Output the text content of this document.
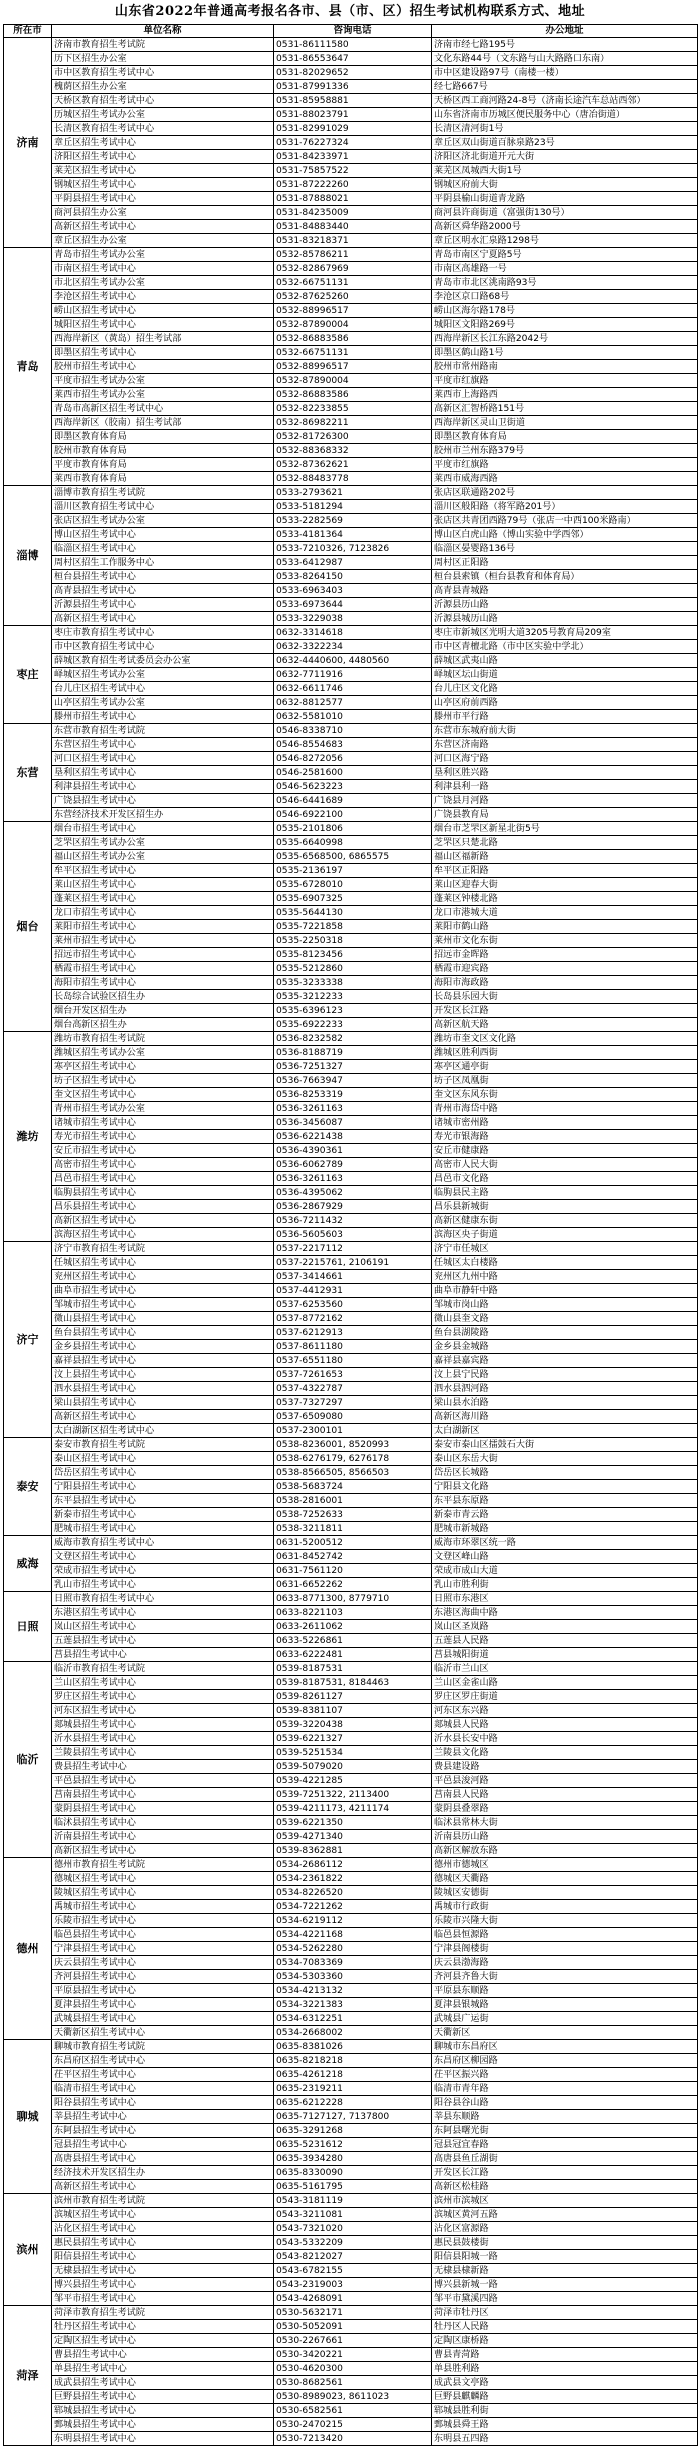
山东省2022年普通高考报名各市、县（市、区）招生考试机构联系方式、地址
所在市	单位名称	咨询电话	办公地址
济南	济南市教育招生考试院	0531-86111580	济南市经七路195号
	历下区招生办公室	0531-86553647	文化东路44号（文东路与山大路路口东南）
	市中区教育招生考试中心	0531-82029652	市中区建设路97号（南楼一楼）
	槐荫区招生办公室	0531-87991336	经七路667号
	天桥区教育招生考试中心	0531-85958881	天桥区西工商河路24-8号（济南长途汽车总站西邻）
	历城区招生考试办公室	0531-88023791	山东省济南市历城区便民服务中心（唐冶街道）
	长清区教育招生考试中心	0531-82991029	长清区清河街1号
	章丘区招生考试中心	0531-76227324	章丘区双山街道百脉泉路23号
	济阳区招生考试中心	0531-84233971	济阳区济北街道开元大街
	莱芜区招生考试中心	0531-75857522	莱芜区凤城西大街1号
	钢城区招生考试中心	0531-87222260	钢城区府前大街
	平阴县招生考试中心	0531-87888021	平阴县榆山街道青龙路
	商河县招生办公室	0531-84235009	商河县许商街道（富强街130号）
	高新区招生考试中心	0531-84883440	高新区舜华路2000号
	章丘区招生办公室	0531-83218371	章丘区明水汇泉路1298号
青岛	青岛市招生考试办公室	0532-85786211	青岛市南区宁夏路5号
	市南区招生考试中心	0532-82867969	市南区高雄路一号
	市北区招生考试办公室	0532-66751131	青岛市市北区洮南路93号
	李沧区招生考试中心	0532-87625260	李沧区京口路68号
	崂山区招生考试中心	0532-88996517	崂山区海尔路178号
	城阳区招生考试中心	0532-87890004	城阳区文阳路269号
	西海岸新区（黄岛）招生考试部	0532-86883586	西海岸新区长江东路2042号
	即墨区招生考试中心	0532-66751131	即墨区鹤山路1号
	胶州市招生考试中心	0532-88996517	胶州市常州路南
	平度市招生考试办公室	0532-87890004	平度市红旗路
	莱西市招生考试办公室	0532-86883586	莱西市上海路西
	青岛市高新区招生考试中心	0532-82233855	高新区汇智桥路151号
	西海岸新区（胶南）招生考试部	0532-86982211	西海岸新区灵山卫街道
	即墨区教育体育局	0532-81726300	即墨区教育体育局
	胶州市教育体育局	0532-88368332	胶州市兰州东路379号
	平度市教育体育局	0532-87362621	平度市红旗路
	莱西市教育体育局	0532-88483778	莱西市威海西路
淄博	淄博市教育招生考试院	0533-2793621	张店区联通路202号
	淄川区教育招生考试中心	0533-5181294	淄川区般阳路（将军路201号）
	张店区招生考试办公室	0533-2282569	张店区共青团西路79号（张店一中西100米路南）
	博山区招生考试中心	0533-4181364	博山区白虎山路（博山实验中学西邻）
	临淄区招生考试中心	0533-7210326, 7123826	临淄区晏婴路136号
	周村区招生工作服务中心	0533-6412987	周村区正阳路
	桓台县招生考试中心	0533-8264150	桓台县索镇（桓台县教育和体育局）
	高青县招生考试中心	0533-6963403	高青县青城路
	沂源县招生考试中心	0533-6973644	沂源县历山路
	高新区招生考试中心	0533-3229038	沂源县城历山路
枣庄	枣庄市教育招生考试中心	0632-3314618	枣庄市新城区光明大道3205号教育局209室
	市中区教育招生考试中心	0632-3322234	市中区青檀北路（市中区实验中学北）
	薛城区教育招生考试委员会办公室	0632-4440600, 4480560	薛城区武夷山路
	峄城区招生考试办公室	0632-7711916	峄城区坛山街道
	台儿庄区招生考试中心	0632-6611746	台儿庄区文化路
	山亭区招生考试办公室	0632-8812577	山亭区府前西路
	滕州市招生考试中心	0632-5581010	滕州市平行路
东营	东营市教育招生考试院	0546-8338710	东营市东城府前大街
	东营区招生考试中心	0546-8554683	东营区济南路
	河口区招生考试中心	0546-8272056	河口区海宁路
	垦利区招生考试中心	0546-2581600	垦利区胜兴路
	利津县招生考试中心	0546-5623223	利津县利一路
	广饶县招生考试中心	0546-6441689	广饶县月河路
	东营经济技术开发区招生办	0546-6922100	广饶县教育局
烟台	烟台市招生考试中心	0535-2101806	烟台市芝罘区新星北街5号
	芝罘区招生考试办公室	0535-6640998	芝罘区只楚北路
	福山区招生考试办公室	0535-6568500, 6865575	福山区福新路
	牟平区招生考试中心	0535-2136197	牟平区正阳路
	莱山区招生考试中心	0535-6728010	莱山区迎春大街
	蓬莱区招生考试中心	0535-6907325	蓬莱区钟楼北路
	龙口市招生考试中心	0535-5644130	龙口市港城大道
	莱阳市招生考试中心	0535-7221858	莱阳市鹤山路
	莱州市招生考试中心	0535-2250318	莱州市文化东街
	招远市招生考试中心	0535-8123456	招远市金晖路
	栖霞市招生考试中心	0535-5212860	栖霞市迎宾路
	海阳市招生考试中心	0535-3233338	海阳市海政路
	长岛综合试验区招生办	0535-3212233	长岛县乐园大街
	烟台开发区招生办	0535-6396123	开发区长江路
	烟台高新区招生办	0535-6922233	高新区航天路
潍坊	潍坊市教育招生考试院	0536-8232582	潍坊市奎文区文化路
	潍城区招生考试办公室	0536-8188719	潍城区胜利西街
	寒亭区招生考试中心	0536-7251327	寒亭区通亭街
	坊子区招生考试中心	0536-7663947	坊子区凤凰街
	奎文区招生考试中心	0536-8253319	奎文区东风东街
	青州市招生考试办公室	0536-3261163	青州市海岱中路
	诸城市招生考试中心	0536-3456087	诸城市密州路
	寿光市招生考试中心	0536-6221438	寿光市银海路
	安丘市招生考试中心	0536-4390361	安丘市健康路
	高密市招生考试中心	0536-6062789	高密市人民大街
	昌邑市招生考试中心	0536-3261163	昌邑市文化路
	临朐县招生考试中心	0536-4395062	临朐县民主路
	昌乐县招生考试中心	0536-2867929	昌乐县新城街
	高新区招生考试中心	0536-7211432	高新区健康东街
	滨海区招生考试中心	0536-5605603	滨海区央子街道
济宁	济宁市教育招生考试院	0537-2217112	济宁市任城区
	任城区招生考试中心	0537-2215761, 2106191	任城区太白楼路
	兖州区招生考试中心	0537-3414661	兖州区九州中路
	曲阜市招生考试中心	0537-4412931	曲阜市静轩中路
	邹城市招生考试中心	0537-6253560	邹城市岗山路
	微山县招生考试中心	0537-8772162	微山县奎文路
	鱼台县招生考试中心	0537-6212913	鱼台县湖陵路
	金乡县招生考试中心	0537-8611180	金乡县金城路
	嘉祥县招生考试中心	0537-6551180	嘉祥县嘉宾路
	汶上县招生考试中心	0537-7261653	汶上县宁民路
	泗水县招生考试中心	0537-4322787	泗水县泗河路
	梁山县招生考试中心	0537-7327297	梁山县水泊路
	高新区招生考试中心	0537-6509080	高新区海川路
	太白湖新区招生考试中心	0537-2300101	太白湖新区
泰安	泰安市教育招生考试院	0538-8236001, 8520993	泰安市泰山区擂鼓石大街
	泰山区招生考试中心	0538-6276179, 6276178	泰山区东岳大街
	岱岳区招生考试中心	0538-8566505, 8566503	岱岳区长城路
	宁阳县招生考试中心	0538-5683724	宁阳县文化路
	东平县招生考试中心	0538-2816001	东平县东原路
	新泰市招生考试中心	0538-7252633	新泰市青云路
	肥城市招生考试中心	0538-3211811	肥城市新城路
威海	威海市教育招生考试中心	0631-5200512	威海市环翠区统一路
	文登区招生考试中心	0631-8452742	文登区峰山路
	荣成市招生考试中心	0631-7561120	荣成市成山大道
	乳山市招生考试中心	0631-6652262	乳山市胜利街
日照	日照市教育招生考试中心	0633-8771300, 8779710	日照市东港区
	东港区招生考试中心	0633-8221103	东港区海曲中路
	岚山区招生考试中心	0633-2611062	岚山区圣岚路
	五莲县招生考试中心	0633-5226861	五莲县人民路
	莒县招生考试中心	0633-6222481	莒县城阳街道
临沂	临沂市教育招生考试院	0539-8187531	临沂市兰山区
	兰山区招生考试中心	0539-8187531, 8184463	兰山区金雀山路
	罗庄区招生考试中心	0539-8261127	罗庄区罗庄街道
	河东区招生考试中心	0539-8381107	河东区东兴路
	郯城县招生考试中心	0539-3220438	郯城县人民路
	沂水县招生考试中心	0539-6221327	沂水县长安中路
	兰陵县招生考试中心	0539-5251534	兰陵县文化路
	费县招生考试中心	0539-5079020	费县建设路
	平邑县招生考试中心	0539-4221285	平邑县浚河路
	莒南县招生考试中心	0539-7251322, 2113400	莒南县人民路
	蒙阴县招生考试中心	0539-4211173, 4211174	蒙阴县叠翠路
	临沭县招生考试中心	0539-6221350	临沭县常林大街
	沂南县招生考试中心	0539-4271340	沂南县历山路
	高新区招生考试中心	0539-8362881	高新区解放东路
德州	德州市教育招生考试院	0534-2686112	德州市德城区
	德城区招生考试中心	0534-2361822	德城区天衢路
	陵城区招生考试中心	0534-8226520	陵城区安德街
	禹城市招生考试中心	0534-7221262	禹城市行政街
	乐陵市招生考试中心	0534-6219112	乐陵市兴隆大街
	临邑县招生考试中心	0534-4221168	临邑县恒源路
	宁津县招生考试中心	0534-5262280	宁津县阁楼街
	庆云县招生考试中心	0534-7083369	庆云县渤海路
	齐河县招生考试中心	0534-5303360	齐河县齐鲁大街
	平原县招生考试中心	0534-4213132	平原县东顺路
	夏津县招生考试中心	0534-3221383	夏津县银城路
	武城县招生考试中心	0534-6312251	武城县广运街
	天衢新区招生考试中心	0534-2668002	天衢新区
聊城	聊城市教育招生考试院	0635-8381026	聊城市东昌府区
	东昌府区招生考试中心	0635-8218218	东昌府区柳园路
	茌平区招生考试中心	0635-4261218	茌平区振兴路
	临清市招生考试中心	0635-2319211	临清市青年路
	阳谷县招生考试中心	0635-6212228	阳谷县谷山路
	莘县招生考试中心	0635-7127127, 7137800	莘县东顺路
	东阿县招生考试中心	0635-3291268	东阿县曙光街
	冠县招生考试中心	0635-5231612	冠县冠宜春路
	高唐县招生考试中心	0635-3934280	高唐县鱼丘湖街
	经济技术开发区招生办	0635-8330090	开发区长江路
	高新区招生考试中心	0635-5161795	高新区松桂路
滨州	滨州市教育招生考试院	0543-3181119	滨州市滨城区
	滨城区招生考试中心	0543-3211081	滨城区黄河五路
	沾化区招生考试中心	0543-7321020	沾化区富源路
	惠民县招生考试中心	0543-5332209	惠民县鼓楼街
	阳信县招生考试中心	0543-8212027	阳信县阳城一路
	无棣县招生考试中心	0543-6782155	无棣县棣新路
	博兴县招生考试中心	0543-2319003	博兴县新城一路
	邹平市招生考试中心	0543-4268091	邹平市黛溪四路
菏泽	菏泽市教育招生考试院	0530-5632171	菏泽市牡丹区
	牡丹区招生考试中心	0530-5052091	牡丹区人民路
	定陶区招生考试中心	0530-2267661	定陶区康桥路
	曹县招生考试中心	0530-3420221	曹县青菏路
	单县招生考试中心	0530-4620300	单县胜利路
	成武县招生考试中心	0530-8682561	成武县文亭路
	巨野县招生考试中心	0530-8989023, 8611023	巨野县麒麟路
	郓城县招生考试中心	0530-6582561	郓城县胜利街
	鄄城县招生考试中心	0530-2470215	鄄城县舜王路
	东明县招生考试中心	0530-7213420	东明县五四路
